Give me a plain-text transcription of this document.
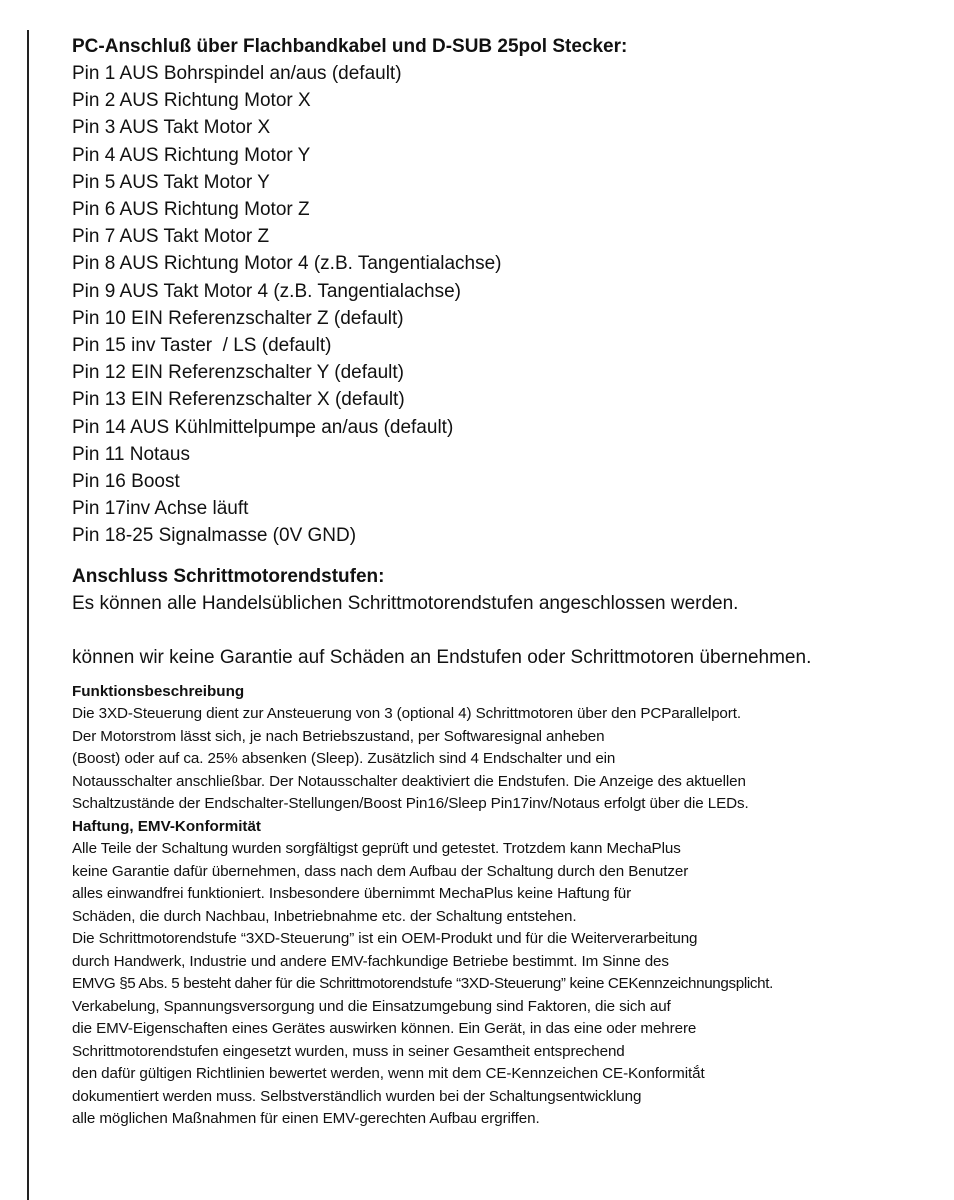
PC-Anschluß über Flachbandkabel und D-SUB 25pol Stecker:
Pin 1 AUS Bohrspindel an/aus (default)
Pin 2 AUS Richtung Motor X
Pin 3 AUS Takt Motor X
Pin 4 AUS Richtung Motor Y
Pin 5 AUS Takt Motor Y
Pin 6 AUS Richtung Motor Z
Pin 7 AUS Takt Motor Z
Pin 8 AUS Richtung Motor 4 (z.B. Tangentialachse)
Pin 9 AUS Takt Motor 4 (z.B. Tangentialachse)
Pin 10 EIN Referenzschalter Z (default)
Pin 15 inv Taster  / LS (default)
Pin 12 EIN Referenzschalter Y (default)
Pin 13 EIN Referenzschalter X (default)
Pin 14 AUS Kühlmittelpumpe an/aus (default)
Pin 11 Notaus
Pin 16 Boost
Pin 17inv Achse läuft
Pin 18-25 Signalmasse (0V GND)
Anschluss Schrittmotorendstufen:
Es können alle Handelsüblichen Schrittmotorendstufen angeschlossen werden.
können wir keine Garantie auf Schäden an Endstufen oder Schrittmotoren übernehmen.
Funktionsbeschreibung
Die 3XD-Steuerung dient zur Ansteuerung von 3 (optional 4) Schrittmotoren über den PCParallelport.
Der Motorstrom lässt sich, je nach Betriebszustand, per Softwaresignal anheben
(Boost) oder auf ca. 25% absenken (Sleep). Zusätzlich sind 4 Endschalter und ein
Notausschalter anschließbar. Der Notausschalter deaktiviert die Endstufen. Die Anzeige des aktuellen
Schaltzustände der Endschalter-Stellungen/Boost Pin16/Sleep Pin17inv/Notaus erfolgt über die LEDs.
Haftung, EMV-Konformität
Alle Teile der Schaltung wurden sorgfältigst geprüft und getestet. Trotzdem kann MechaPlus
keine Garantie dafür übernehmen, dass nach dem Aufbau der Schaltung durch den Benutzer
alles einwandfrei funktioniert. Insbesondere übernimmt MechaPlus keine Haftung für
Schäden, die durch Nachbau, Inbetriebnahme etc. der Schaltung entstehen.
Die Schrittmotorendstufe “3XD-Steuerung” ist ein OEM-Produkt und für die Weiterverarbeitung
durch Handwerk, Industrie und andere EMV-fachkundige Betriebe bestimmt. Im Sinne des
EMVG §5 Abs. 5 besteht daher für die Schrittmotorendstufe “3XD-Steuerung” keine CEKennzeichnungsplicht.
Verkabelung, Spannungsversorgung und die Einsatzumgebung sind Faktoren, die sich auf
die EMV-Eigenschaften eines Gerätes auswirken können. Ein Gerät, in das eine oder mehrere
Schrittmotorendstufen eingesetzt wurden, muss in seiner Gesamtheit entsprechend
den dafür gültigen Richtlinien bewertet werden, wenn mit dem CE-Kennzeichen CE-Konformitắt
dokumentiert werden muss. Selbstverständlich wurden bei der Schaltungsentwicklung
alle möglichen Maßnahmen für einen EMV-gerechten Aufbau ergriffen.
